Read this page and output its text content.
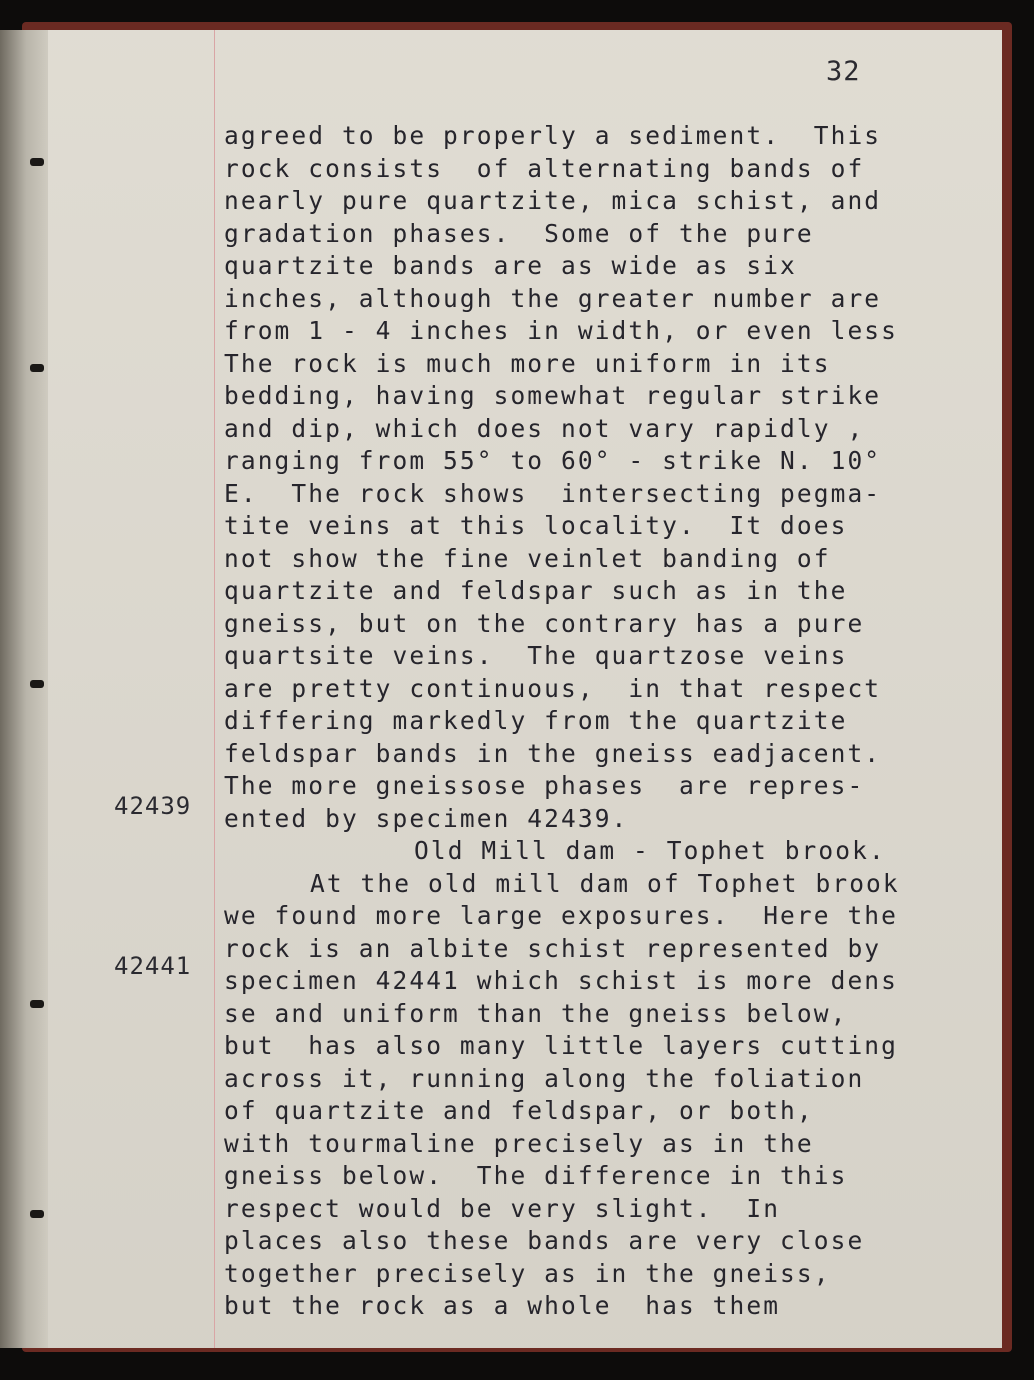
32
42439
42441
agreed to be properly a sediment.  This
rock consists  of alternating bands of
nearly pure quartzite, mica schist, and
gradation phases.  Some of the pure
quartzite bands are as wide as six
inches, although the greater number are
from 1 - 4 inches in width, or even less
The rock is much more uniform in its
bedding, having somewhat regular strike
and dip, which does not vary rapidly ,
ranging from 55° to 60° - strike N. 10°
E.  The rock shows  intersecting pegma-
tite veins at this locality.  It does
not show the fine veinlet banding of
quartzite and feldspar such as in the
gneiss, but on the contrary has a pure
quartsite veins.  The quartzose veins
are pretty continuous,  in that respect
differing markedly from the quartzite
feldspar bands in the gneiss eadjacent.
The more gneissose phases  are repres-
ented by specimen 42439.
Old Mill dam - Tophet brook.
At the old mill dam of Tophet brook
we found more large exposures.  Here the
rock is an albite schist represented by
specimen 42441 which schist is more dens
se and uniform than the gneiss below,
but  has also many little layers cutting
across it, running along the foliation
of quartzite and feldspar, or both,
with tourmaline precisely as in the
gneiss below.  The difference in this
respect would be very slight.  In
places also these bands are very close
together precisely as in the gneiss,
but the rock as a whole  has them
